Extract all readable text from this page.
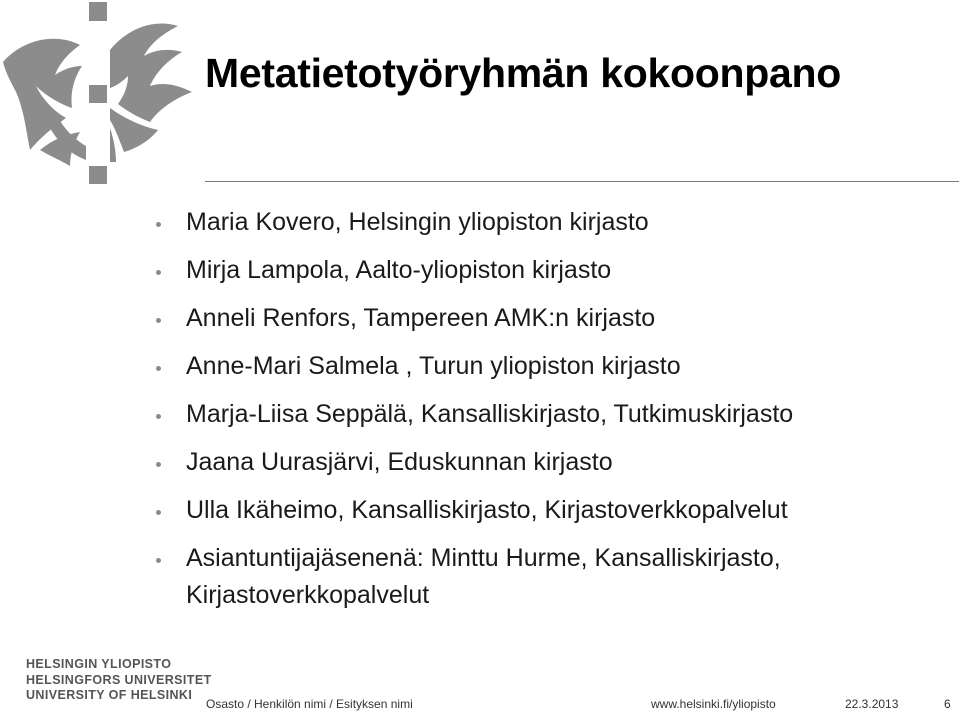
Metatietotyöryhmän kokoonpano
Maria Kovero, Helsingin yliopiston kirjasto
Mirja Lampola, Aalto-yliopiston kirjasto
Anneli Renfors, Tampereen AMK:n kirjasto
Anne-Mari Salmela , Turun yliopiston kirjasto
Marja-Liisa Seppälä, Kansalliskirjasto, Tutkimuskirjasto
Jaana Uurasjärvi, Eduskunnan kirjasto
Ulla Ikäheimo, Kansalliskirjasto, Kirjastoverkkopalvelut
Asiantuntijajäsenenä: Minttu Hurme, Kansalliskirjasto,
Kirjastoverkkopalvelut
HELSINGIN YLIOPISTO
HELSINGFORS UNIVERSITET
UNIVERSITY OF HELSINKI
Osasto / Henkilön nimi / Esityksen nimi	www.helsinki.fi/yliopisto	22.3.2013	6
